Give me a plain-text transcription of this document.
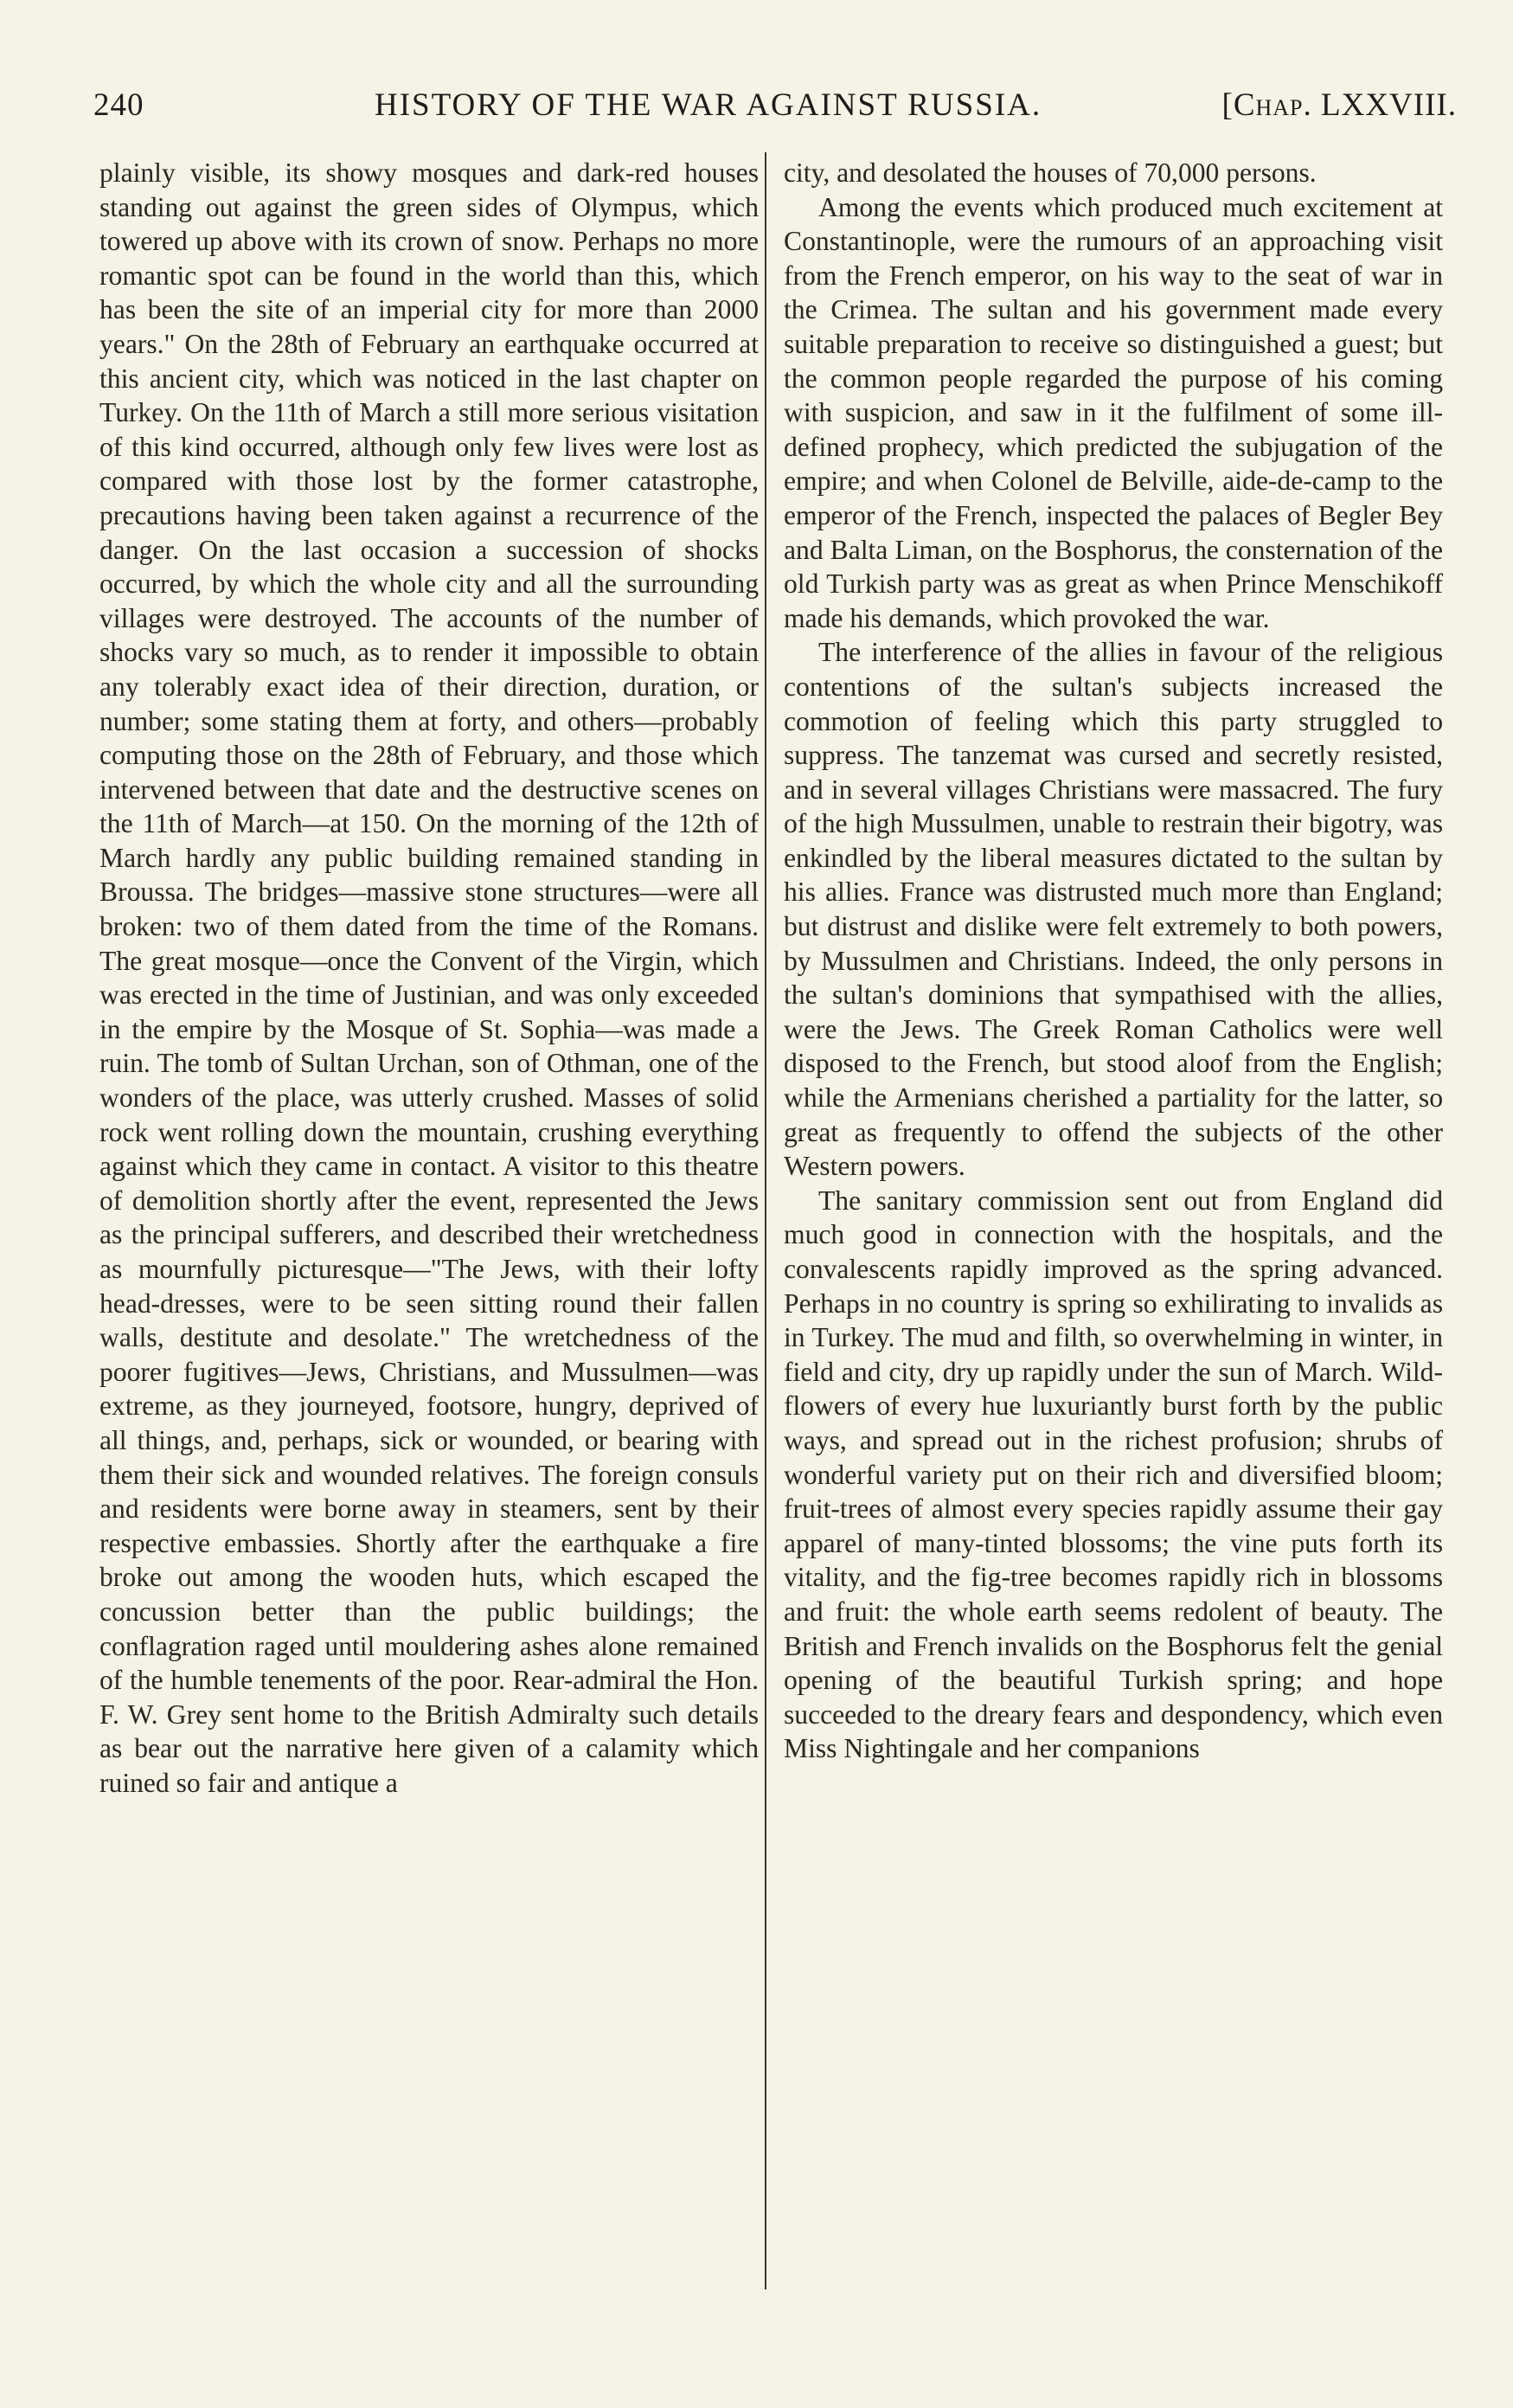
240	HISTORY OF THE WAR AGAINST RUSSIA.	[Chap. LXXVIII.

plainly visible, its showy mosques and dark-red houses standing out against the green sides of Olympus, which towered up above with its crown of snow. Perhaps no more romantic spot can be found in the world than this, which has been the site of an imperial city for more than 2000 years." On the 28th of February an earthquake occurred at this ancient city, which was noticed in the last chapter on Turkey. On the 11th of March a still more serious visitation of this kind occurred, although only few lives were lost as compared with those lost by the former catastrophe, precautions having been taken against a recurrence of the danger. On the last occasion a succession of shocks occurred, by which the whole city and all the surrounding villages were destroyed. The accounts of the number of shocks vary so much, as to render it impossible to obtain any tolerably exact idea of their direction, duration, or number; some stating them at forty, and others—probably computing those on the 28th of February, and those which intervened between that date and the destructive scenes on the 11th of March—at 150. On the morning of the 12th of March hardly any public building remained standing in Broussa. The bridges—massive stone structures—were all broken: two of them dated from the time of the Romans. The great mosque—once the Convent of the Virgin, which was erected in the time of Justinian, and was only exceeded in the empire by the Mosque of St. Sophia—was made a ruin. The tomb of Sultan Urchan, son of Othman, one of the wonders of the place, was utterly crushed. Masses of solid rock went rolling down the mountain, crushing everything against which they came in contact. A visitor to this theatre of demolition shortly after the event, represented the Jews as the principal sufferers, and described their wretchedness as mournfully picturesque—"The Jews, with their lofty head-dresses, were to be seen sitting round their fallen walls, destitute and desolate." The wretchedness of the poorer fugitives—Jews, Christians, and Mussulmen—was extreme, as they journeyed, footsore, hungry, deprived of all things, and, perhaps, sick or wounded, or bearing with them their sick and wounded relatives. The foreign consuls and residents were borne away in steamers, sent by their respective embassies. Shortly after the earthquake a fire broke out among the wooden huts, which escaped the concussion better than the public buildings; the conflagration raged until mouldering ashes alone remained of the humble tenements of the poor. Rear-admiral the Hon. F. W. Grey sent home to the British Admiralty such details as bear out the narrative here given of a calamity which ruined so fair and antique a

city, and desolated the houses of 70,000 persons.

Among the events which produced much excitement at Constantinople, were the rumours of an approaching visit from the French emperor, on his way to the seat of war in the Crimea. The sultan and his government made every suitable preparation to receive so distinguished a guest; but the common people regarded the purpose of his coming with suspicion, and saw in it the fulfilment of some ill-defined prophecy, which predicted the subjugation of the empire; and when Colonel de Belville, aide-de-camp to the emperor of the French, inspected the palaces of Begler Bey and Balta Liman, on the Bosphorus, the consternation of the old Turkish party was as great as when Prince Menschikoff made his demands, which provoked the war.

The interference of the allies in favour of the religious contentions of the sultan's subjects increased the commotion of feeling which this party struggled to suppress. The tanzemat was cursed and secretly resisted, and in several villages Christians were massacred. The fury of the high Mussulmen, unable to restrain their bigotry, was enkindled by the liberal measures dictated to the sultan by his allies. France was distrusted much more than England; but distrust and dislike were felt extremely to both powers, by Mussulmen and Christians. Indeed, the only persons in the sultan's dominions that sympathised with the allies, were the Jews. The Greek Roman Catholics were well disposed to the French, but stood aloof from the English; while the Armenians cherished a partiality for the latter, so great as frequently to offend the subjects of the other Western powers.

The sanitary commission sent out from England did much good in connection with the hospitals, and the convalescents rapidly improved as the spring advanced. Perhaps in no country is spring so exhilirating to invalids as in Turkey. The mud and filth, so overwhelming in winter, in field and city, dry up rapidly under the sun of March. Wild-flowers of every hue luxuriantly burst forth by the public ways, and spread out in the richest profusion; shrubs of wonderful variety put on their rich and diversified bloom; fruit-trees of almost every species rapidly assume their gay apparel of many-tinted blossoms; the vine puts forth its vitality, and the fig-tree becomes rapidly rich in blossoms and fruit: the whole earth seems redolent of beauty. The British and French invalids on the Bosphorus felt the genial opening of the beautiful Turkish spring; and hope succeeded to the dreary fears and despondency, which even Miss Nightingale and her companions
